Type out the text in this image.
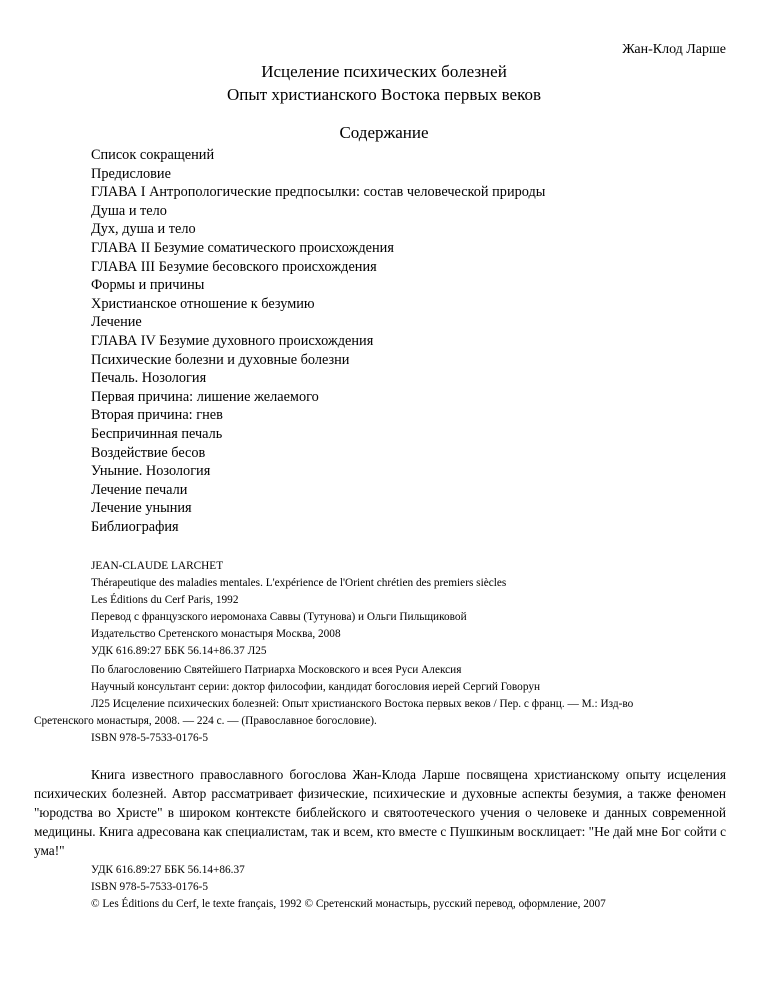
Жан-Клод Ларше
Исцеление психических болезней
Опыт христианского Востока первых веков
Содержание
Список сокращений
Предисловие
ГЛАВА I Антропологические предпосылки: состав человеческой природы
Душа и тело
Дух, душа и тело
ГЛАВА II Безумие соматического происхождения
ГЛАВА III Безумие бесовского происхождения
Формы и причины
Христианское отношение к безумию
Лечение
ГЛАВА IV Безумие духовного происхождения
Психические болезни и духовные болезни
Печаль. Нозология
Первая причина: лишение желаемого
Вторая причина: гнев
Беспричинная печаль
Воздействие бесов
Уныние. Нозология
Лечение печали
Лечение уныния
Библиография
JEAN-CLAUDE LARCHET
Thérapeutique des maladies mentales. L'expérience de l'Orient chrétien des premiers siècles
Les Éditions du Cerf Paris, 1992
Перевод с французского иеромонаха Саввы (Тутунова) и Ольги Пильщиковой
Издательство Сретенского монастыря Москва, 2008
УДК 616.89:27 ББК 56.14+86.37 Л25
По благословению Святейшего Патриарха Московского и всея Руси Алексия
Научный консультант серии: доктор философии, кандидат богословия иерей Сергий Говорун
Л25 Исцеление психических болезней: Опыт христианского Востока первых веков / Пер. с франц. — М.: Изд-во
Сретенского монастыря, 2008. — 224 с. — (Православное богословие).
ISBN 978-5-7533-0176-5

Книга известного православного богослова Жан-Клода Ларше посвящена христианскому опыту исцеления психических болезней. Автор рассматривает физические, психические и духовные аспекты безумия, а также феномен "юродства во Христе" в широком контексте библейского и святоотеческого учения о человеке и данных современной медицины. Книга адресована как специалистам, так и всем, кто вместе с Пушкиным восклицает: "Не дай мне Бог сойти с ума!"

УДК 616.89:27 ББК 56.14+86.37
ISBN 978-5-7533-0176-5
© Les Éditions du Cerf, le texte français, 1992 © Сретенский монастырь, русский перевод, оформление, 2007
